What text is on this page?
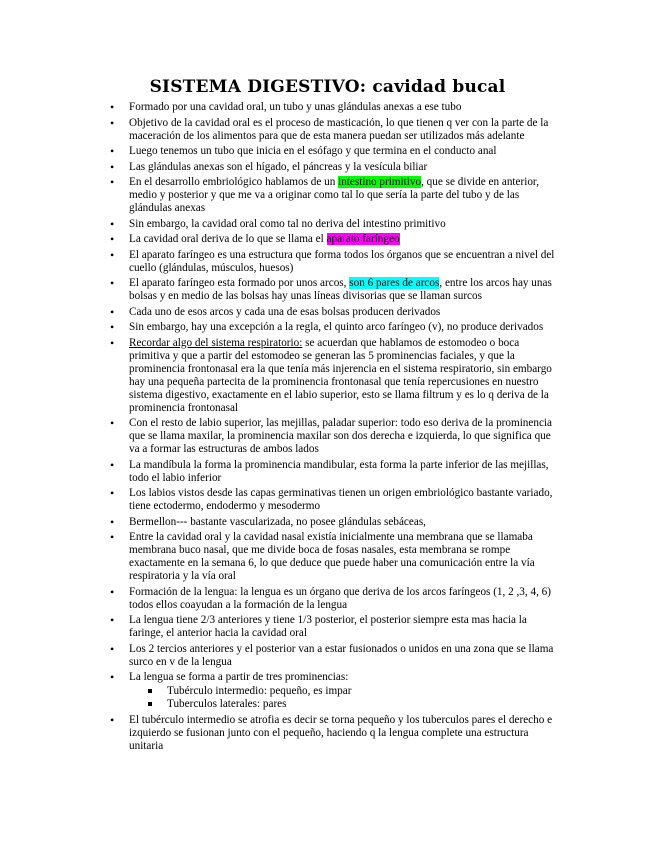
SISTEMA DIGESTIVO: cavidad bucal
• Formado por una cavidad oral, un tubo y unas glándulas anexas a ese tubo
• Objetivo de la cavidad oral es el proceso de masticación, lo que tienen q ver con la parte de la maceración de los alimentos para que de esta manera puedan ser utilizados más adelante
• Luego tenemos un tubo que inicia en el esófago y que termina en el conducto anal
• Las glándulas anexas son el hígado, el páncreas y la vesícula biliar
• En el desarrollo embriológico hablamos de un intestino primitivo, que se divide en anterior, medio y posterior y que me va a originar como tal lo que sería la parte del tubo y de las glándulas anexas
• Sin embargo, la cavidad oral como tal no deriva del intestino primitivo
• La cavidad oral deriva de lo que se llama el aparato faríngeo
• El aparato faríngeo es una estructura que forma todos los órganos que se encuentran a nivel del cuello (glándulas, músculos, huesos)
• El aparato faríngeo esta formado por unos arcos, son 6 pares de arcos, entre los arcos hay unas bolsas y en medio de las bolsas hay unas líneas divisorias que se llaman surcos
• Cada uno de esos arcos y cada una de esas bolsas producen derivados
• Sin embargo, hay una excepción a la regla, el quinto arco faríngeo (v), no produce derivados
• Recordar algo del sistema respiratorio: se acuerdan que hablamos de estomodeo o boca primitiva y que a partir del estomodeo se generan las 5 prominencias faciales, y que la prominencia frontonasal era la que tenía más injerencia en el sistema respiratorio, sin embargo hay una pequeña partecita de la prominencia frontonasal que tenía repercusiones en nuestro sistema digestivo, exactamente en el labio superior, esto se llama filtrum y es lo q deriva de la prominencia frontonasal
• Con el resto de labio superior, las mejillas, paladar superior: todo eso deriva de la prominencia que se llama maxilar, la prominencia maxilar son dos derecha e izquierda, lo que significa que va a formar las estructuras de ambos lados
• La mandíbula la forma la prominencia mandibular, esta forma la parte inferior de las mejillas, todo el labio inferior
• Los labios vistos desde las capas germinativas tienen un origen embriológico bastante variado, tiene ectodermo, endodermo y mesodermo
• Bermellon--- bastante vascularizada, no posee glándulas sebáceas,
• Entre la cavidad oral y la cavidad nasal existía inicialmente una membrana que se llamaba membrana buco nasal, que me divide boca de fosas nasales, esta membrana se rompe exactamente en la semana 6, lo que deduce que puede haber una comunicación entre la vía respiratoria y la vía oral
• Formación de la lengua: la lengua es un órgano que deriva de los arcos faríngeos (1, 2 ,3, 4, 6) todos ellos coayudan a la formación de la lengua
• La lengua tiene 2/3 anteriores y tiene 1/3 posterior, el posterior siempre esta mas hacia la faringe, el anterior hacia la cavidad oral
• Los 2 tercios anteriores y el posterior van a estar fusionados o unidos en una zona que se llama surco en v de la lengua
• La lengua se forma a partir de tres prominencias:
Tubérculo intermedio: pequeño, es impar
Tuberculos laterales: pares
• El tubérculo intermedio se atrofia es decir se torna pequeño y los tuberculos pares el derecho e izquierdo se fusionan junto con el pequeño, haciendo q la lengua complete una estructura unitaria
